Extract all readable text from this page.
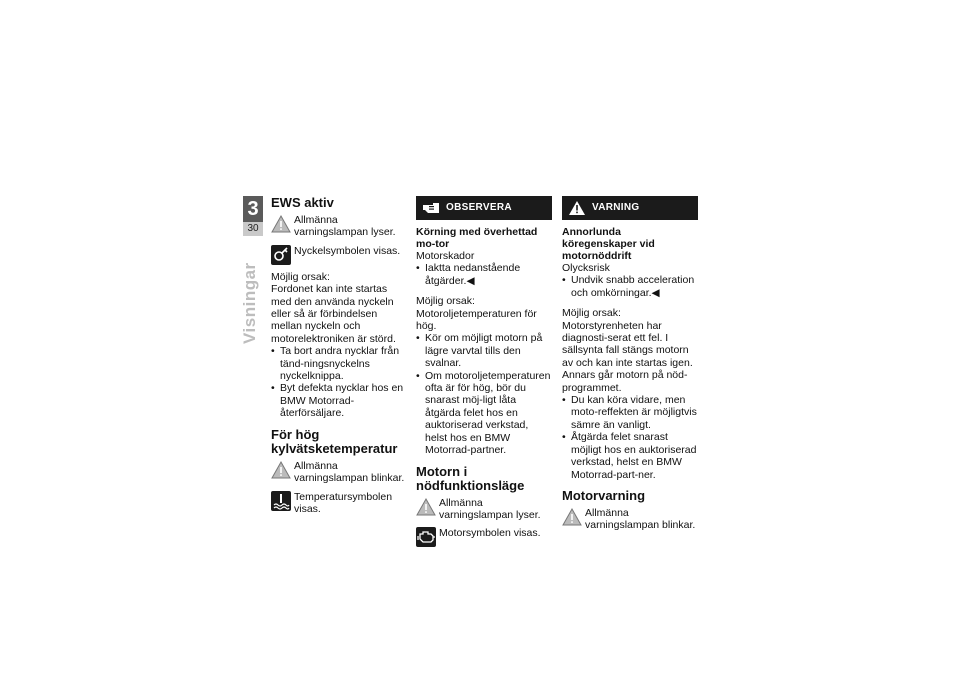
3
30
Visningar
EWS aktiv
Allmänna varningslampan lyser.
Nyckelsymbolen visas.

Möjlig orsak:

Fordonet kan inte startas med den använda nyckeln eller så är förbindelsen mellan nyckeln och motorelektroniken är störd.

• Ta bort andra nycklar från tänd-ningsnyckelns nyckelknippa.
• Byt defekta nycklar hos en BMW Motorrad-återförsäljare.
För hög kylvätsketemperatur
Allmänna varningslampan blinkar.
Temperatursymbolen visas.
OBSERVERA
Körning med överhettad mo-tor

Motorskador

• Iaktta nedanstående åtgärder.◀

Möjlig orsak:

Motoroljetemperaturen för hög.

• Kör om möjligt motorn på lägre varvtal tills den svalnar.
• Om motoroljetemperaturen ofta är för hög, bör du snarast möj-ligt låta åtgärda felet hos en auktoriserad verkstad, helst hos en BMW Motorrad-partner.
Motorn i nödfunktionsläge
Allmänna varningslampan lyser.
Motorsymbolen visas.
VARNING
Annorlunda köregenskaper vid motornöddrift

Olycksrisk

• Undvik snabb acceleration och omkörningar.◀

Möjlig orsak:

Motorstyrenheten har diagnosti-serat ett fel. I sällsynta fall stängs motorn av och kan inte startas igen. Annars går motorn på nöd-programmet.

• Du kan köra vidare, men moto-reffekten är möjligtvis sämre än vanligt.
• Åtgärda felet snarast möjligt hos en auktoriserad verkstad, helst en BMW Motorrad-part-ner.
Motorvarning
Allmänna varningslampan blinkar.
